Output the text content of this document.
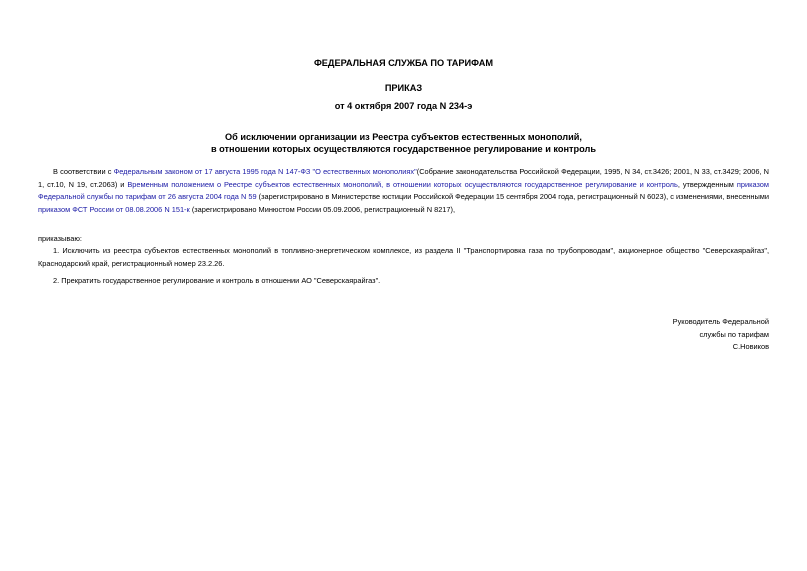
ФЕДЕРАЛЬНАЯ СЛУЖБА ПО ТАРИФАМ
ПРИКАЗ
от 4 октября 2007 года N 234-э
Об исключении организации из Реестра субъектов естественных монополий,
в отношении которых осуществляются государственное регулирование и контроль
В соответствии с Федеральным законом от 17 августа 1995 года N 147-ФЗ "О естественных монополиях"(Собрание законодательства Российской Федерации, 1995, N 34, ст.3426; 2001, N 33, ст.3429; 2006, N 1, ст.10, N 19, ст.2063) и Временным положением о Реестре субъектов естественных монополий, в отношении которых осуществляются государственное регулирование и контроль, утвержденным приказом Федеральной службы по тарифам от 26 августа 2004 года N 59 (зарегистрировано в Министерстве юстиции Российской Федерации 15 сентября 2004 года, регистрационный N 6023), с изменениями, внесенными приказом ФСТ России от 08.08.2006 N 151-к (зарегистрировано Минюстом России 05.09.2006, регистрационный N 8217),
приказываю:
1. Исключить из реестра субъектов естественных монополий в топливно-энергетическом комплексе, из раздела II "Транспортировка газа по трубопроводам", акционерное общество "Северскаярайгаз", Краснодарский край, регистрационный номер 23.2.26.
2. Прекратить государственное регулирование и контроль в отношении АО "Северскаярайгаз".
Руководитель Федеральной
службы по тарифам
С.Новиков
